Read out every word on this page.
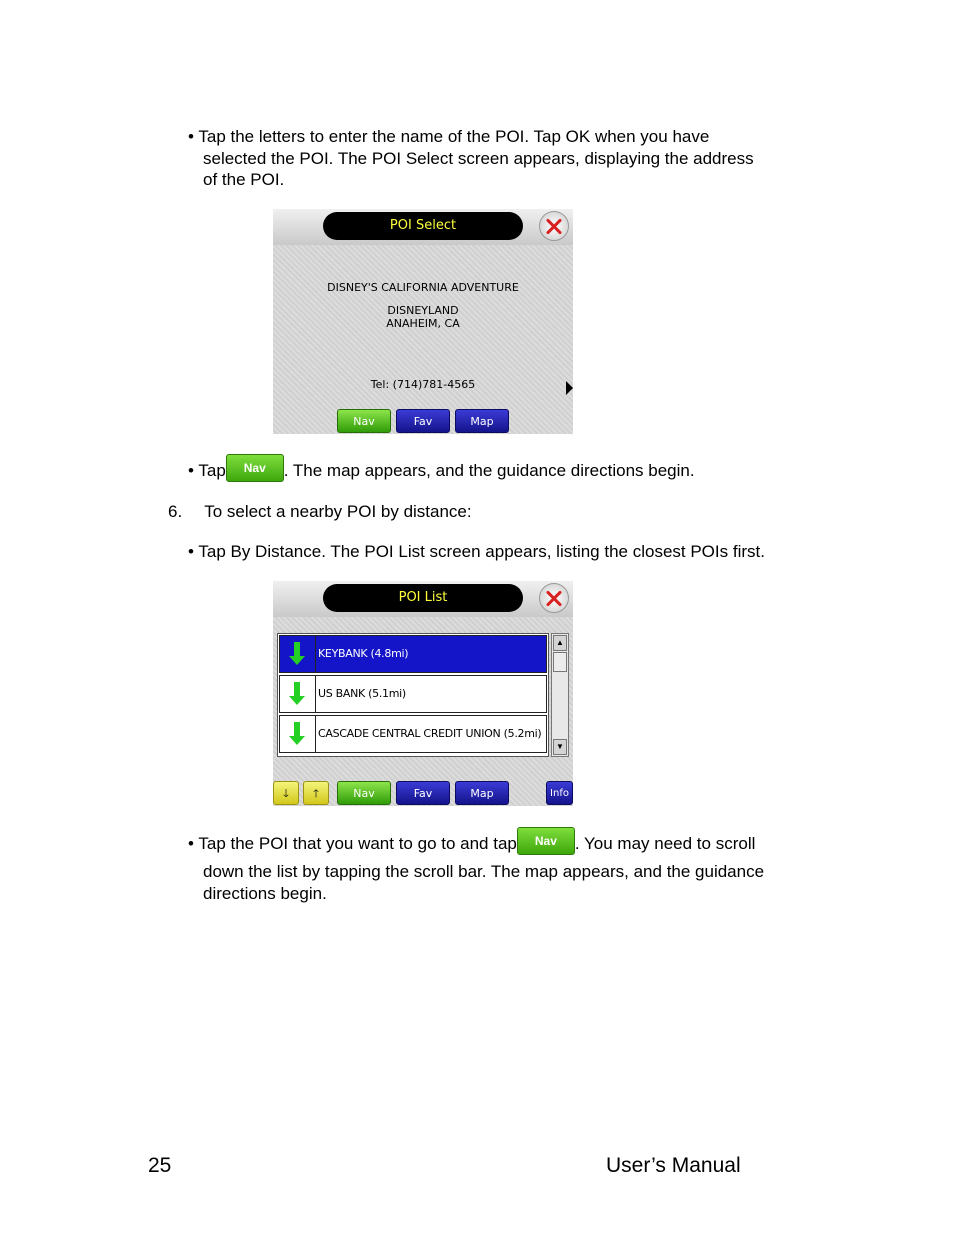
• Tap the letters to enter the name of the POI. Tap OK when you have
selected the POI. The POI Select screen appears, displaying the address
of the POI.

POI Select
DISNEY'S CALIFORNIA ADVENTURE
DISNEYLAND
ANAHEIM, CA
Tel: (714)781-4565
Nav	Fav	Map

• Tap Nav . The map appears, and the guidance directions begin.

6. To select a nearby POI by distance:

• Tap By Distance. The POI List screen appears, listing the closest POIs first.

POI List
KEYBANK (4.8mi)
US BANK (5.1mi)
CASCADE CENTRAL CREDIT UNION (5.2mi)
▲
▼
🡓	🡑	Nav	Fav	Map	Info

• Tap the POI that you want to go to and tap Nav . You may need to scroll
down the list by tapping the scroll bar. The map appears, and the guidance
directions begin.

25	User’s Manual
